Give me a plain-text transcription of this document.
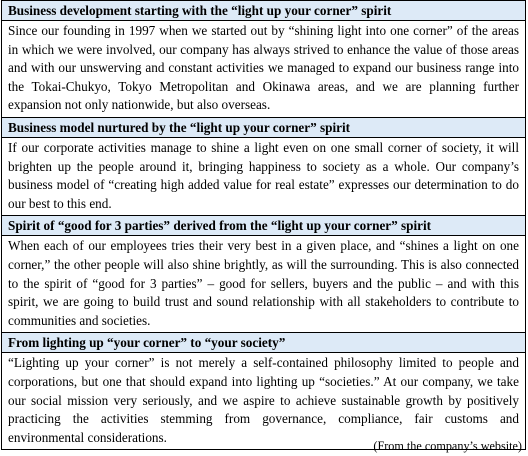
Business development starting with the “light up your corner” spirit
Since our founding in 1997 when we started out by “shining light into one corner” of the areas in which we were involved, our company has always strived to enhance the value of those areas and with our unswerving and constant activities we managed to expand our business range into the Tokai-Chukyo, Tokyo Metropolitan and Okinawa areas, and we are planning further expansion not only nationwide, but also overseas.
Business model nurtured by the “light up your corner” spirit
If our corporate activities manage to shine a light even on one small corner of society, it will brighten up the people around it, bringing happiness to society as a whole. Our company’s business model of “creating high added value for real estate” expresses our determination to do our best to this end.
Spirit of “good for 3 parties” derived from the “light up your corner” spirit
When each of our employees tries their very best in a given place, and “shines a light on one corner,” the other people will also shine brightly, as will the surrounding. This is also connected to the spirit of “good for 3 parties” – good for sellers, buyers and the public – and with this spirit, we are going to build trust and sound relationship with all stakeholders to contribute to communities and societies.
From lighting up “your corner” to “your society”
“Lighting up your corner” is not merely a self-contained philosophy limited to people and corporations, but one that should expand into lighting up “societies.” At our company, we take our social mission very seriously, and we aspire to achieve sustainable growth by positively practicing the activities stemming from governance, compliance, fair customs and environmental considerations.
(From the company’s website)
